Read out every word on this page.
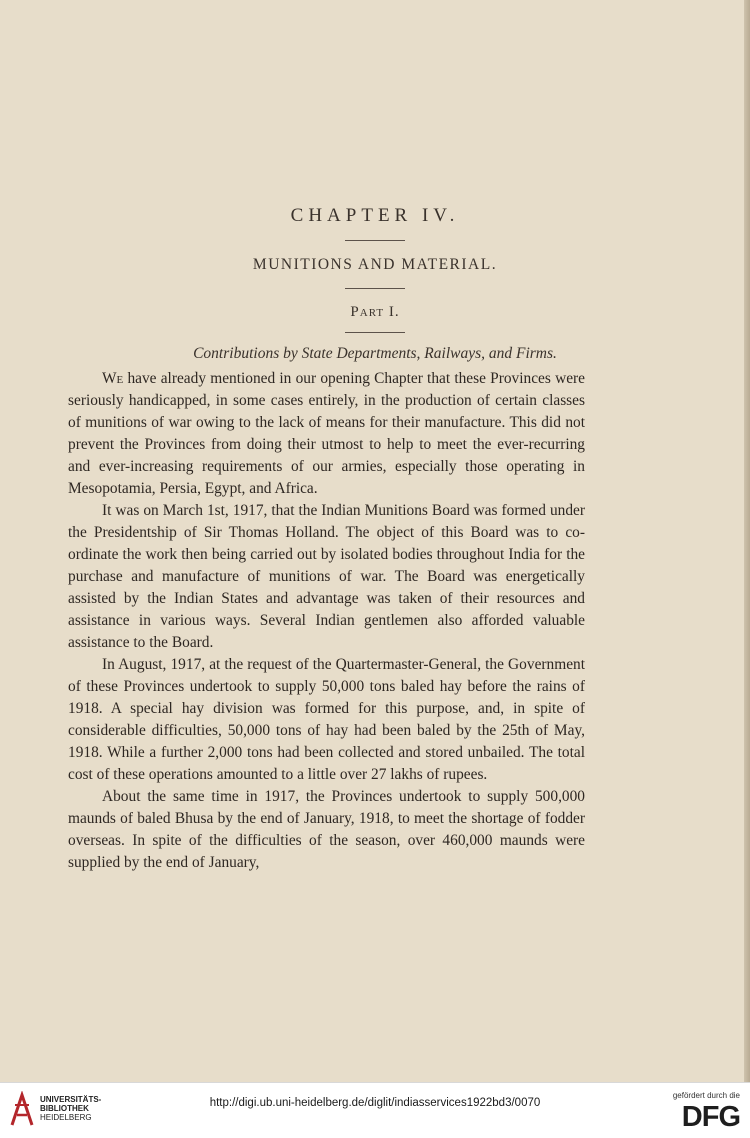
CHAPTER IV.
MUNITIONS AND MATERIAL.
Part I.
Contributions by State Departments, Railways, and Firms.

We have already mentioned in our opening Chapter that these Provinces were seriously handicapped, in some cases entirely, in the production of certain classes of munitions of war owing to the lack of means for their manufacture. This did not prevent the Provinces from doing their utmost to help to meet the ever-recurring and ever-increasing requirements of our armies, especially those operating in Mesopotamia, Persia, Egypt, and Africa.

It was on March 1st, 1917, that the Indian Munitions Board was formed under the Presidentship of Sir Thomas Holland. The object of this Board was to co-ordinate the work then being carried out by isolated bodies throughout India for the purchase and manufacture of munitions of war. The Board was energetically assisted by the Indian States and advantage was taken of their resources and assistance in various ways. Several Indian gentlemen also afforded valuable assistance to the Board.

In August, 1917, at the request of the Quartermaster-General, the Government of these Provinces undertook to supply 50,000 tons baled hay before the rains of 1918. A special hay division was formed for this purpose, and, in spite of considerable difficulties, 50,000 tons of hay had been baled by the 25th of May, 1918. While a further 2,000 tons had been collected and stored unbailed. The total cost of these operations amounted to a little over 27 lakhs of rupees.

About the same time in 1917, the Provinces undertook to supply 500,000 maunds of baled Bhusa by the end of January, 1918, to meet the shortage of fodder overseas. In spite of the difficulties of the season, over 460,000 maunds were supplied by the end of January,

UNIVERSITÄTS-
BIBLIOTHEK
HEIDELBERG
http://digi.ub.uni-heidelberg.de/diglit/indiasservices1922bd3/0070
gefördert durch die
DFG
